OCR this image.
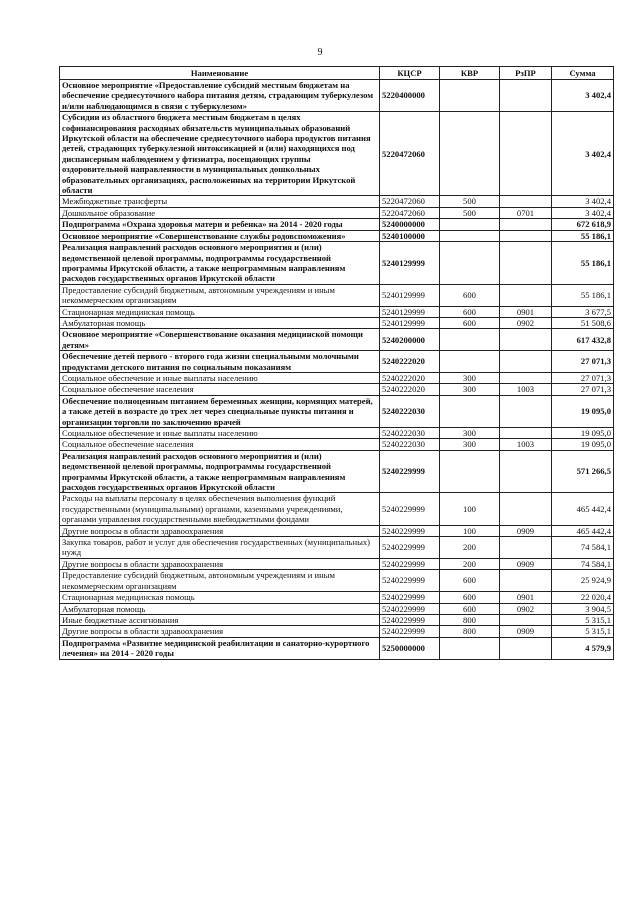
9
Наименование	КЦСР	КВР	РзПР	Сумма
Основное мероприятие «Предоставление субсидий местным бюджетам на обеспечение среднесуточного набора питания детям, страдающим туберкулезом и/или наблюдающимся в связи с туберкулезом»	5220400000			3 402,4
Субсидии из областного бюджета местным бюджетам в целях софинансирования расходных обязательств муниципальных образований Иркутской области на обеспечение среднесуточного набора продуктов питания детей, страдающих туберкулезной интоксикацией и (или) находящихся под диспансерным наблюдением у фтизиатра, посещающих группы оздоровительной направленности в муниципальных дошкольных образовательных организациях, расположенных на территории Иркутской области	5220472060			3 402,4
Межбюджетные трансферты	5220472060	500		3 402,4
Дошкольное образование	5220472060	500	0701	3 402,4
Подпрограмма «Охрана здоровья матери и ребенка» на 2014 - 2020 годы	5240000000			672 618,9
Основное мероприятие «Совершенствование службы родовспоможения»	5240100000			55 186,1
Реализация направлений расходов основного мероприятия и (или) ведомственной целевой программы, подпрограммы государственной программы Иркутской области, а также непрограммным направлениям расходов государственных органов Иркутской области	5240129999			55 186,1
Предоставление субсидий бюджетным, автономным учреждениям и иным некоммерческим организациям	5240129999	600		55 186,1
Стационарная медицинская помощь	5240129999	600	0901	3 677,5
Амбулаторная помощь	5240129999	600	0902	51 508,6
Основное мероприятие «Совершенствование оказания медицинской помощи детям»	5240200000			617 432,8
Обеспечение детей первого - второго года жизни специальными молочными продуктами детского питания по социальным показаниям	5240222020			27 071,3
Социальное обеспечение и иные выплаты населению	5240222020	300		27 071,3
Социальное обеспечение населения	5240222020	300	1003	27 071,3
Обеспечение полноценным питанием беременных женщин, кормящих матерей, а также детей в возрасте до трех лет через специальные пункты питания и организации торговли по заключению врачей	5240222030			19 095,0
Социальное обеспечение и иные выплаты населению	5240222030	300		19 095,0
Социальное обеспечение населения	5240222030	300	1003	19 095,0
Реализация направлений расходов основного мероприятия и (или) ведомственной целевой программы, подпрограммы государственной программы Иркутской области, а также непрограммным направлениям расходов государственных органов Иркутской области	5240229999			571 266,5
Расходы на выплаты персоналу в целях обеспечения выполнения функций государственными (муниципальными) органами, казенными учреждениями, органами управления государственными внебюджетными фондами	5240229999	100		465 442,4
Другие вопросы в области здравоохранения	5240229999	100	0909	465 442,4
Закупка товаров, работ и услуг для обеспечения государственных (муниципальных) нужд	5240229999	200		74 584,1
Другие вопросы в области здравоохранения	5240229999	200	0909	74 584,1
Предоставление субсидий бюджетным, автономным учреждениям и иным некоммерческим организациям	5240229999	600		25 924,9
Стационарная медицинская помощь	5240229999	600	0901	22 020,4
Амбулаторная помощь	5240229999	600	0902	3 904,5
Иные бюджетные ассигнования	5240229999	800		5 315,1
Другие вопросы в области здравоохранения	5240229999	800	0909	5 315,1
Подпрограмма «Развитие медицинской реабилитации и санаторно-курортного лечения» на 2014 - 2020 годы	5250000000			4 579,9
